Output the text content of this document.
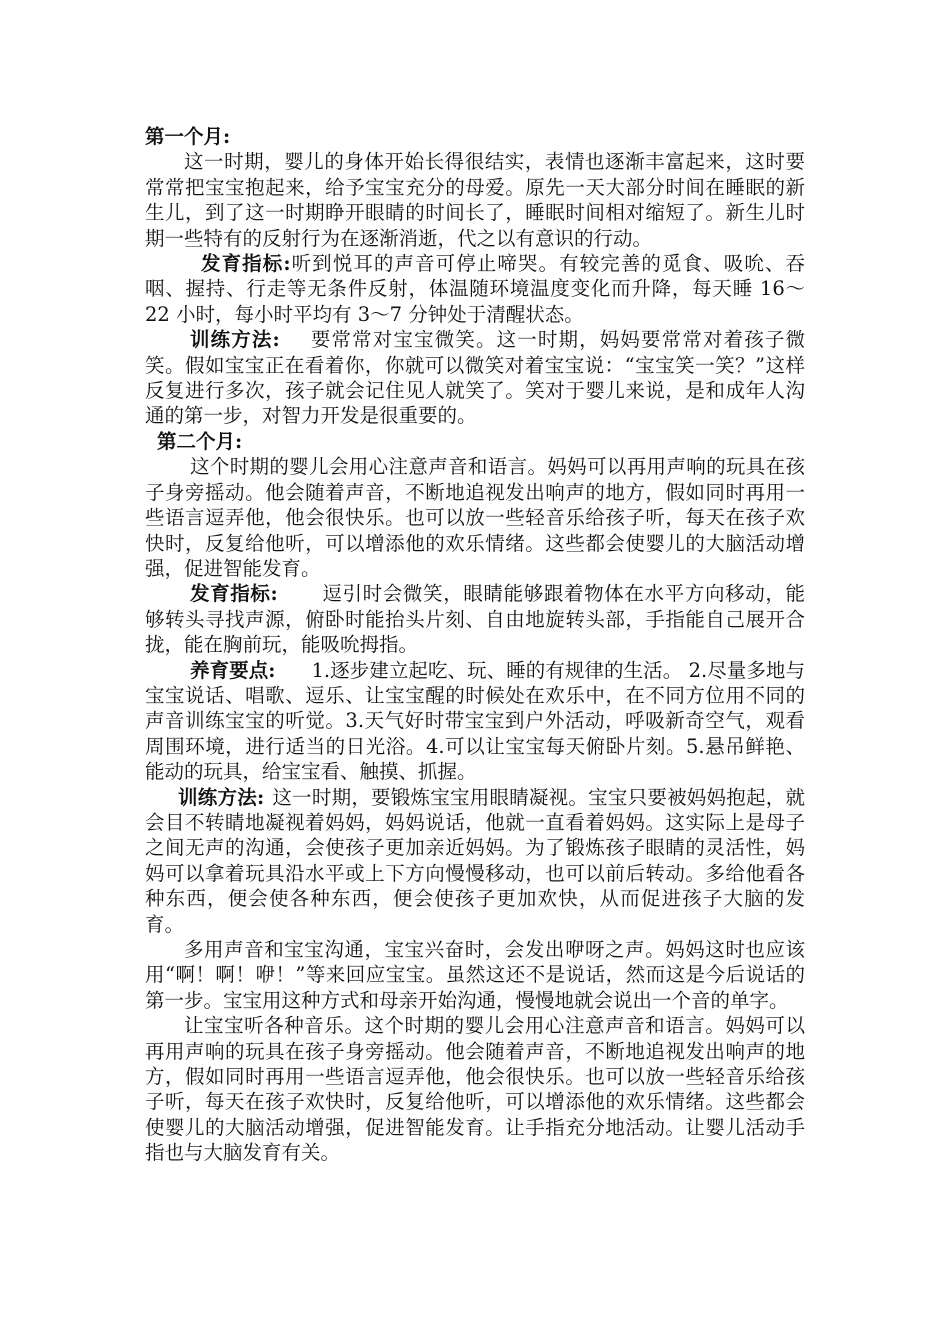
第一个月:

这一时期，婴儿的身体开始长得很结实，表情也逐渐丰富起来，这时要常常把宝宝抱起来，给予宝宝充分的母爱。原先一天大部分时间在睡眠的新生儿，到了这一时期睁开眼睛的时间长了，睡眠时间相对缩短了。新生儿时期一些特有的反射行为在逐渐消逝，代之以有意识的行动。

发育指标:听到悦耳的声音可停止啼哭。有较完善的觅食、吸吮、吞咽、握持、行走等无条件反射，体温随环境温度变化而升降，每天睡 16～22 小时，每小时平均有 3～7 分钟处于清醒状态。

训练方法: 要常常对宝宝微笑。这一时期，妈妈要常常对着孩子微笑。假如宝宝正在看着你，你就可以微笑对着宝宝说：“宝宝笑一笑？”这样反复进行多次，孩子就会记住见人就笑了。笑对于婴儿来说，是和成年人沟通的第一步，对智力开发是很重要的。

第二个月:

这个时期的婴儿会用心注意声音和语言。妈妈可以再用声响的玩具在孩子身旁摇动。他会随着声音，不断地追视发出响声的地方，假如同时再用一些语言逗弄他，他会很快乐。也可以放一些轻音乐给孩子听，每天在孩子欢快时，反复给他听，可以增添他的欢乐情绪。这些都会使婴儿的大脑活动增强，促进智能发育。

发育指标: 逗引时会微笑，眼睛能够跟着物体在水平方向移动，能够转头寻找声源，俯卧时能抬头片刻、自由地旋转头部，手指能自己展开合拢，能在胸前玩，能吸吮拇指。

养育要点: 1.逐步建立起吃、玩、睡的有规律的生活。 2.尽量多地与宝宝说话、唱歌、逗乐、让宝宝醒的时候处在欢乐中，在不同方位用不同的声音训练宝宝的听觉。3.天气好时带宝宝到户外活动，呼吸新奇空气，观看周围环境，进行适当的日光浴。4.可以让宝宝每天俯卧片刻。5.悬吊鲜艳、能动的玩具，给宝宝看、触摸、抓握。

训练方法: 这一时期，要锻炼宝宝用眼睛凝视。宝宝只要被妈妈抱起，就会目不转睛地凝视着妈妈，妈妈说话，他就一直看着妈妈。这实际上是母子之间无声的沟通，会使孩子更加亲近妈妈。为了锻炼孩子眼睛的灵活性，妈妈可以拿着玩具沿水平或上下方向慢慢移动，也可以前后转动。多给他看各种东西，便会使各种东西，便会使孩子更加欢快，从而促进孩子大脑的发育。

多用声音和宝宝沟通，宝宝兴奋时，会发出咿呀之声。妈妈这时也应该用“啊！啊！咿！”等来回应宝宝。虽然这还不是说话，然而这是今后说话的第一步。宝宝用这种方式和母亲开始沟通，慢慢地就会说出一个音的单字。

让宝宝听各种音乐。这个时期的婴儿会用心注意声音和语言。妈妈可以再用声响的玩具在孩子身旁摇动。他会随着声音，不断地追视发出响声的地方，假如同时再用一些语言逗弄他，他会很快乐。也可以放一些轻音乐给孩子听，每天在孩子欢快时，反复给他听，可以增添他的欢乐情绪。这些都会使婴儿的大脑活动增强，促进智能发育。让手指充分地活动。让婴儿活动手指也与大脑发育有关。
